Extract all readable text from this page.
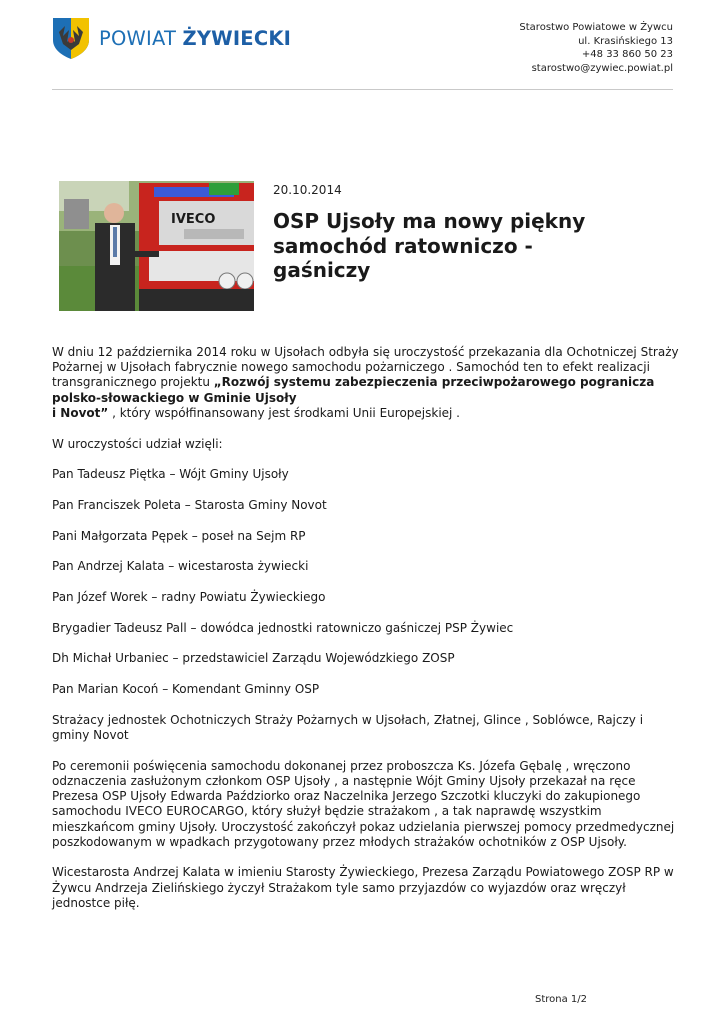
POWIAT ŻYWIECKI	Starostwo Powiatowe w Żywcu
ul. Krasińskiego 13
+48 33 860 50 23
starostwo@zywiec.powiat.pl
IVECO
20.10.2014
OSP Ujsoły ma nowy piękny samochód ratowniczo - gaśniczy

W dniu 12 października 2014 roku w Ujsołach odbyła się uroczystość przekazania dla Ochotniczej Straży Pożarnej w Ujsołach fabrycznie nowego samochodu pożarniczego . Samochód ten to efekt realizacji transgranicznego projektu „Rozwój systemu zabezpieczenia przeciwpożarowego pogranicza polsko-słowackiego w Gminie Ujsoły
i Novot” , który współfinansowany jest środkami Unii Europejskiej .

W uroczystości udział wzięli:

Pan Tadeusz Piętka – Wójt Gminy Ujsoły

Pan Franciszek Poleta – Starosta Gminy Novot

Pani Małgorzata Pępek – poseł na Sejm RP

Pan Andrzej Kalata – wicestarosta żywiecki

Pan Józef Worek – radny Powiatu Żywieckiego

Brygadier Tadeusz Pall – dowódca jednostki ratowniczo gaśniczej PSP Żywiec

Dh Michał Urbaniec – przedstawiciel Zarządu Wojewódzkiego ZOSP

Pan Marian Kocoń – Komendant Gminny OSP

Strażacy jednostek Ochotniczych Straży Pożarnych w Ujsołach, Złatnej, Glince , Soblówce, Rajczy i gminy Novot

Po ceremonii poświęcenia samochodu dokonanej przez proboszcza Ks. Józefa Gębalę , wręczono odznaczenia zasłużonym członkom OSP Ujsoły , a następnie Wójt Gminy Ujsoły przekazał na ręce Prezesa OSP Ujsoły Edwarda Paździorko oraz Naczelnika Jerzego Szczotki kluczyki do zakupionego samochodu IVECO EUROCARGO, który służył będzie strażakom , a tak naprawdę wszystkim mieszkańcom gminy Ujsoły. Uroczystość zakończył pokaz udzielania pierwszej pomocy przedmedycznej poszkodowanym w wpadkach przygotowany przez młodych strażaków ochotników z OSP Ujsoły.

Wicestarosta Andrzej Kalata w imieniu Starosty Żywieckiego, Prezesa Zarządu Powiatowego ZOSP RP w Żywcu Andrzeja Zielińskiego życzył Strażakom tyle samo przyjazdów co wyjazdów oraz wręczył jednostce piłę.

Strona 1/2
